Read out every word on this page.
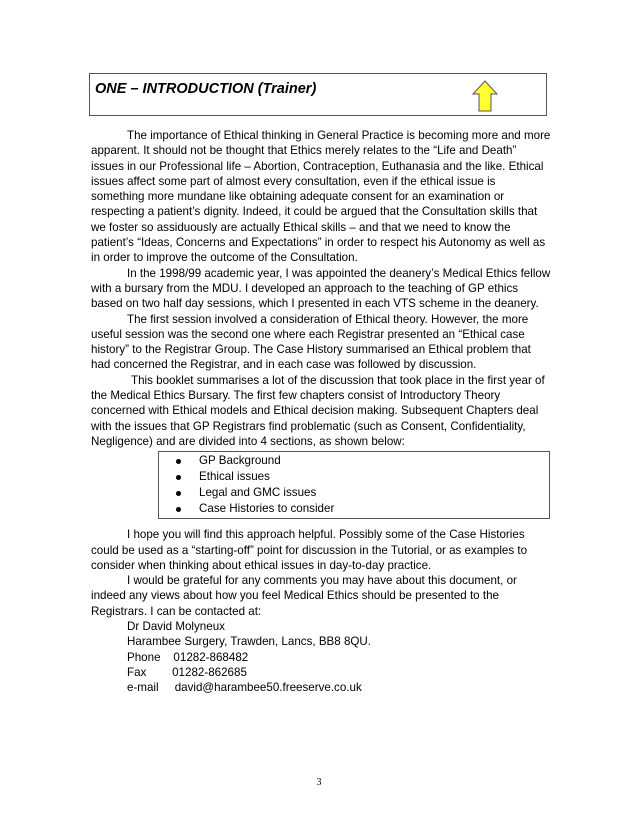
ONE – INTRODUCTION (Trainer)

The importance of Ethical thinking in General Practice is becoming more and more apparent. It should not be thought that Ethics merely relates to the “Life and Death” issues in our Professional life – Abortion, Contraception, Euthanasia and the like. Ethical issues affect some part of almost every consultation, even if the ethical issue is something more mundane like obtaining adequate consent for an examination or respecting a patient’s dignity. Indeed, it could be argued that the Consultation skills that we foster so assiduously are actually Ethical skills – and that we need to know the patient’s “Ideas, Concerns and Expectations” in order to respect his Autonomy as well as in order to improve the outcome of the Consultation.

In the 1998/99 academic year, I was appointed the deanery’s Medical Ethics fellow with a bursary from the MDU. I developed an approach to the teaching of GP ethics based on two half day sessions, which I presented in each VTS scheme in the deanery.

The first session involved a consideration of Ethical theory. However, the more useful session was the second one where each Registrar presented an “Ethical case history” to the Registrar Group. The Case History summarised an Ethical problem that had concerned the Registrar, and in each case was followed by discussion.

This booklet summarises a lot of the discussion that took place in the first year of the Medical Ethics Bursary. The first few chapters consist of Introductory Theory concerned with Ethical models and Ethical decision making. Subsequent Chapters deal with the issues that GP Registrars find problematic (such as Consent, Confidentiality, Negligence) and are divided into 4 sections, as shown below:

GP Background
Ethical issues
Legal and GMC issues
Case Histories to consider

I hope you will find this approach helpful. Possibly some of the Case Histories could be used as a “starting-off” point for discussion in the Tutorial, or as examples to consider when thinking about ethical issues in day-to-day practice.

I would be grateful for any comments you may have about this document, or indeed any views about how you feel Medical Ethics should be presented to the Registrars. I can be contacted at:

Dr David Molyneux
Harambee Surgery, Trawden, Lancs, BB8 8QU.
Phone 01282-868482
Fax 01282-862685
e-mail david@harambee50.freeserve.co.uk
3
